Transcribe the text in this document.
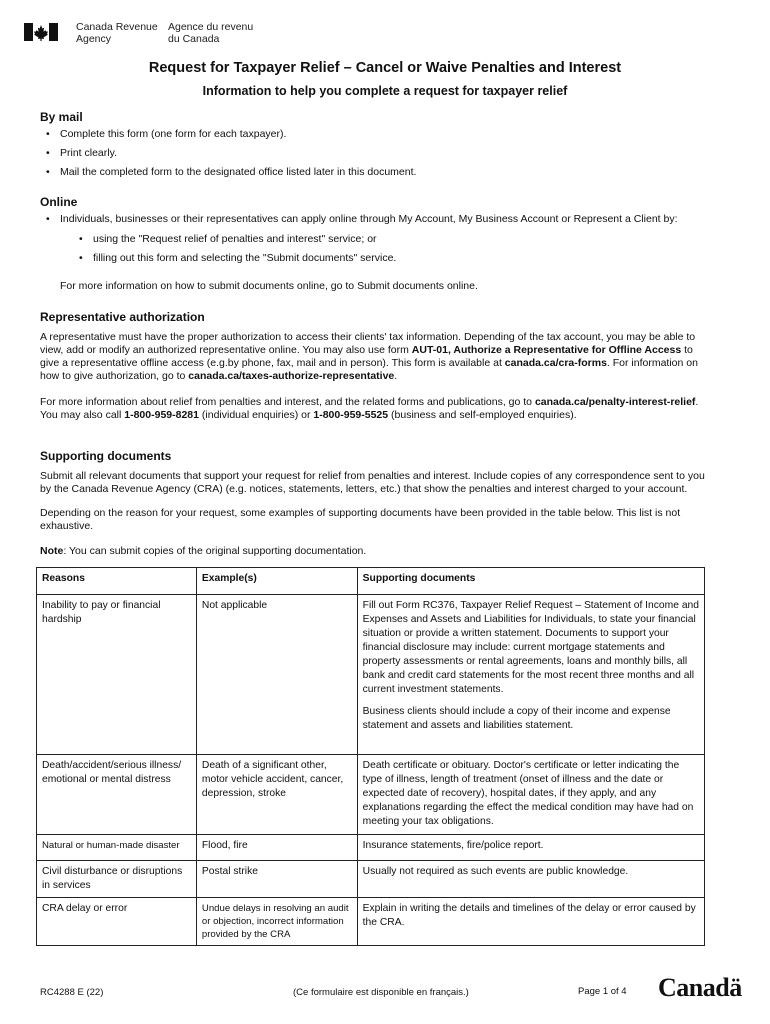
Canada Revenue
Agency
Agence du revenu
du Canada
Request for Taxpayer Relief – Cancel or Waive Penalties and Interest
Information to help you complete a request for taxpayer relief
By mail
• Complete this form (one form for each taxpayer).
• Print clearly.
• Mail the completed form to the designated office listed later in this document.
Online
• Individuals, businesses or their representatives can apply online through My Account, My Business Account or Represent a Client by:
• using the "Request relief of penalties and interest" service; or
• filling out this form and selecting the "Submit documents" service.
For more information on how to submit documents online, go to Submit documents online.
Representative authorization
A representative must have the proper authorization to access their clients' tax information. Depending of the tax account, you may be able to view, add or modify an authorized representative online. You may also use form AUT-01, Authorize a Representative for Offline Access to give a representative offline access (e.g.by phone, fax, mail and in person). This form is available at canada.ca/cra-forms. For information on how to give authorization, go to canada.ca/taxes-authorize-representative.
For more information about relief from penalties and interest, and the related forms and publications, go to canada.ca/penalty-interest-relief. You may also call 1-800-959-8281 (individual enquiries) or 1-800-959-5525 (business and self-employed enquiries).
Supporting documents
Submit all relevant documents that support your request for relief from penalties and interest. Include copies of any correspondence sent to you by the Canada Revenue Agency (CRA) (e.g. notices, statements, letters, etc.) that show the penalties and interest charged to your account.
Depending on the reason for your request, some examples of supporting documents have been provided in the table below. This list is not exhaustive.
Note: You can submit copies of the original supporting documentation.
Reasons	Example(s)	Supporting documents
Inability to pay or financial hardship	Not applicable	Fill out Form RC376, Taxpayer Relief Request – Statement of Income and Expenses and Assets and Liabilities for Individuals, to state your financial situation or provide a written statement. Documents to support your financial disclosure may include: current mortgage statements and property assessments or rental agreements, loans and monthly bills, all bank and credit card statements for the most recent three months and all current investment statements.
Business clients should include a copy of their income and expense statement and assets and liabilities statement.

Death/accident/serious illness/ emotional or mental distress	Death of a significant other, motor vehicle accident, cancer, depression, stroke	Death certificate or obituary. Doctor's certificate or letter indicating the type of illness, length of treatment (onset of illness and the date or expected date of recovery), hospital dates, if they apply, and any explanations regarding the effect the medical condition may have had on meeting your tax obligations.
Natural or human-made disaster	Flood, fire	Insurance statements, fire/police report.
Civil disturbance or disruptions in services	Postal strike	Usually not required as such events are public knowledge.
CRA delay or error	Undue delays in resolving an audit or objection, incorrect information provided by the CRA	Explain in writing the details and timelines of the delay or error caused by the CRA.
RC4288 E (22)	(Ce formulaire est disponible en français.)	Page 1 of 4 Canadä
